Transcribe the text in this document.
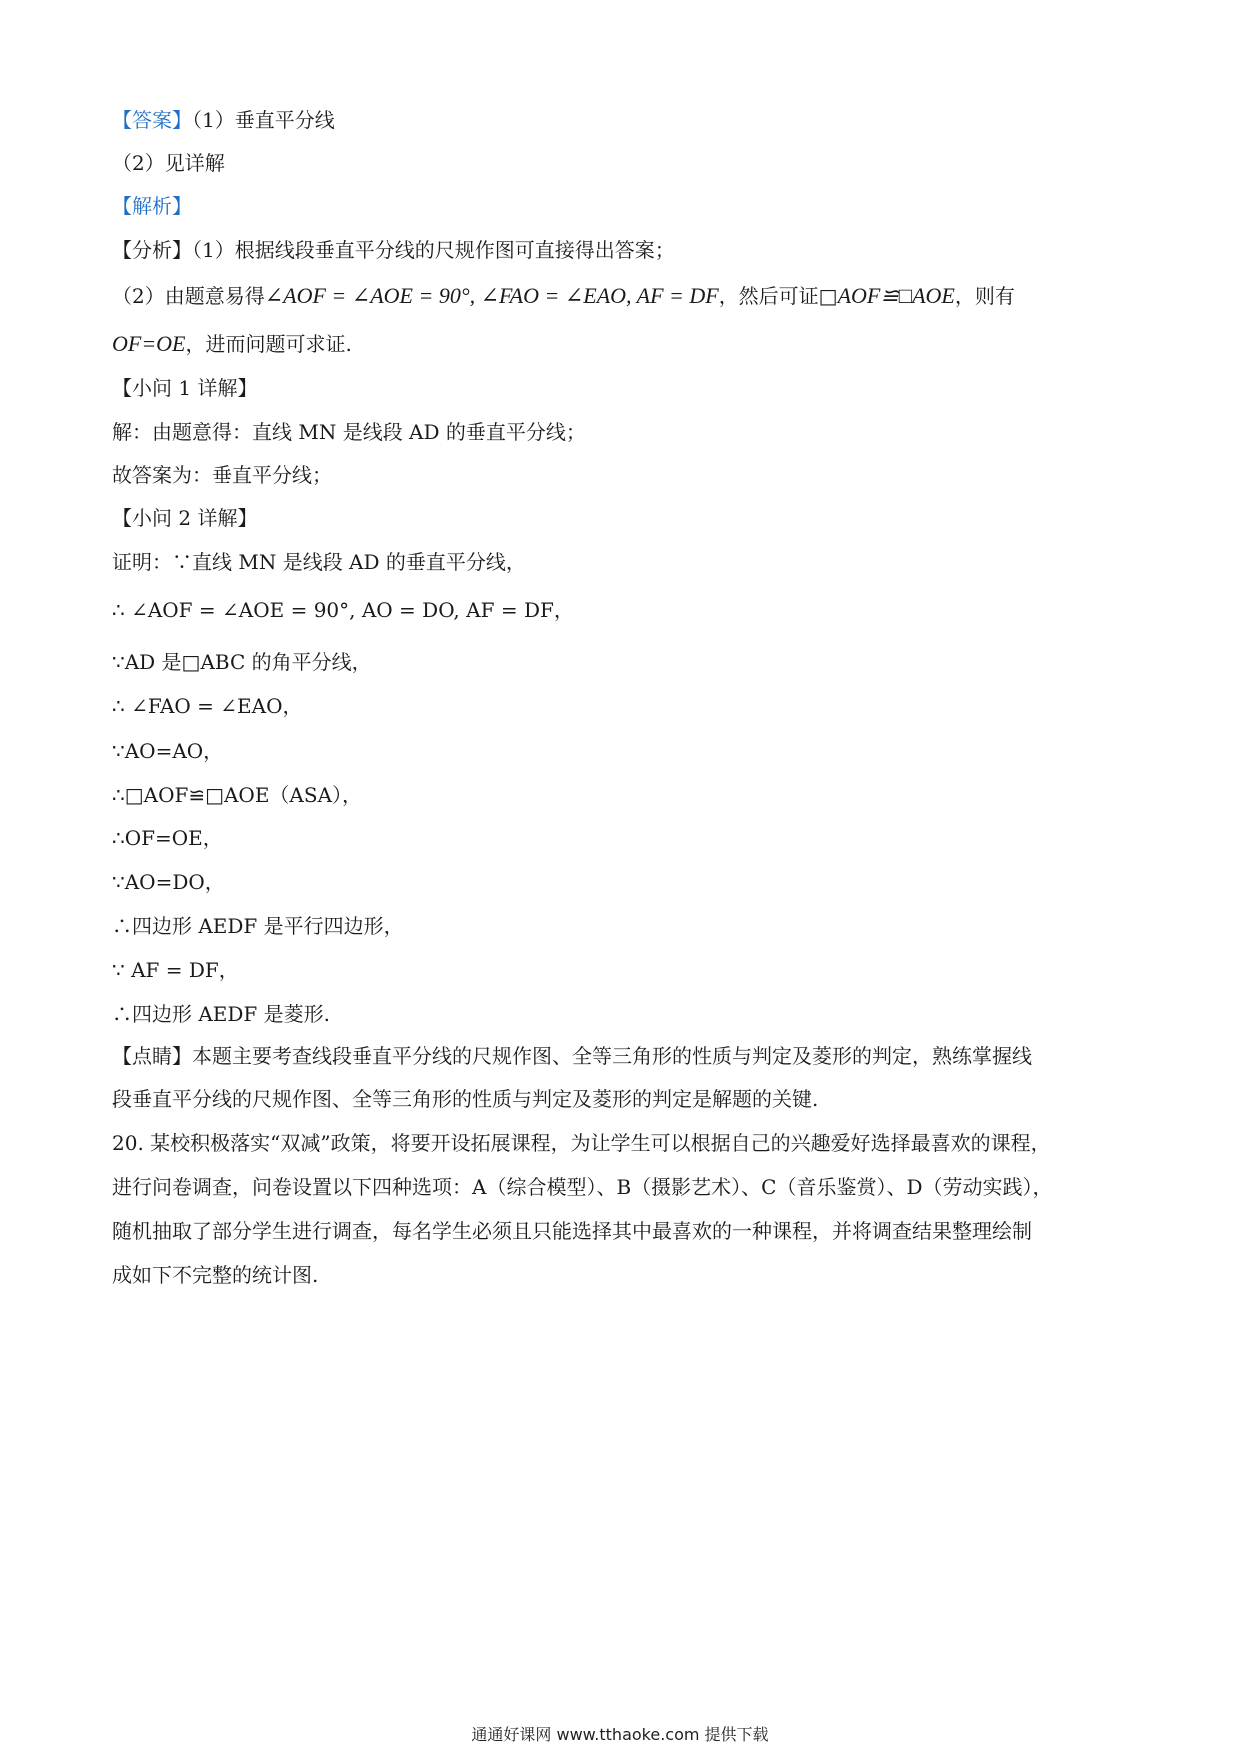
【答案】（1）垂直平分线
（2）见详解
【解析】
【分析】（1）根据线段垂直平分线的尺规作图可直接得出答案；
（2）由题意易得∠AOF = ∠AOE = 90°, ∠FAO = ∠EAO, AF = DF，然后可证□AOF≌□AOE，则有
OF=OE，进而问题可求证.
【小问 1 详解】
解：由题意得：直线 MN 是线段 AD 的垂直平分线；
故答案为：垂直平分线；
【小问 2 详解】
证明：∵直线 MN 是线段 AD 的垂直平分线，
∴ ∠AOF = ∠AOE = 90°, AO = DO, AF = DF，
∵AD 是□ABC 的角平分线，
∴ ∠FAO = ∠EAO，
∵AO=AO，
∴□AOF≌□AOE（ASA），
∴OF=OE，
∵AO=DO，
∴四边形 AEDF 是平行四边形，
∵ AF = DF，
∴四边形 AEDF 是菱形.
【点睛】本题主要考查线段垂直平分线的尺规作图、全等三角形的性质与判定及菱形的判定，熟练掌握线
段垂直平分线的尺规作图、全等三角形的性质与判定及菱形的判定是解题的关键.
20. 某校积极落实“双减”政策，将要开设拓展课程，为让学生可以根据自己的兴趣爱好选择最喜欢的课程，
进行问卷调查，问卷设置以下四种选项：A（综合模型）、B（摄影艺术）、C（音乐鉴赏）、D（劳动实践），
随机抽取了部分学生进行调查，每名学生必须且只能选择其中最喜欢的一种课程，并将调查结果整理绘制
成如下不完整的统计图.
通通好课网 www.tthaoke.com 提供下载
